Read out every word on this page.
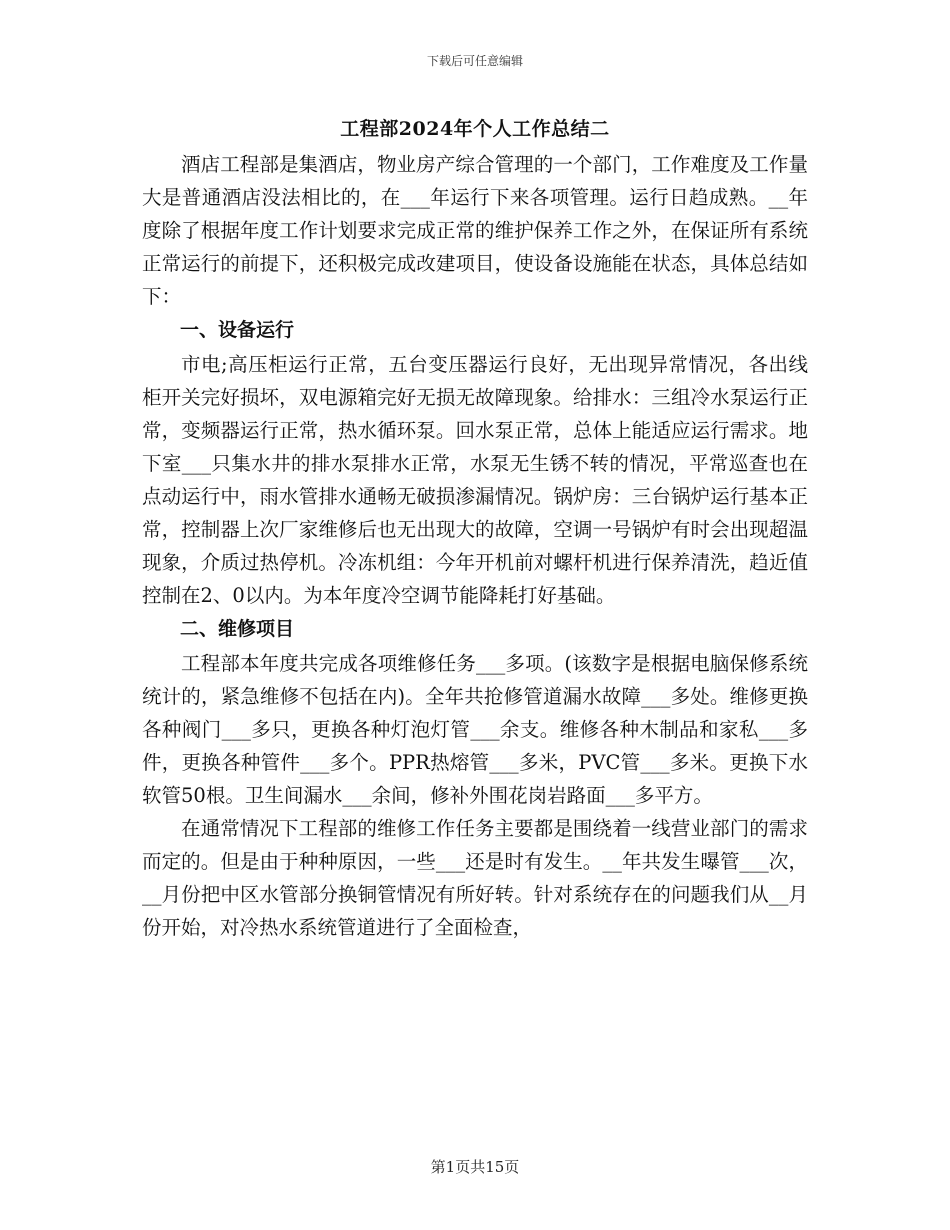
下载后可任意编辑
工程部2024年个人工作总结二

酒店工程部是集酒店，物业房产综合管理的一个部门，工作难度及工作量大是普通酒店没法相比的，在___年运行下来各项管理。运行日趋成熟。__年度除了根据年度工作计划要求完成正常的维护保养工作之外，在保证所有系统正常运行的前提下，还积极完成改建项目，使设备设施能在状态，具体总结如下：

一、设备运行

市电;高压柜运行正常，五台变压器运行良好，无出现异常情况，各出线柜开关完好损坏，双电源箱完好无损无故障现象。给排水：三组冷水泵运行正常，变频器运行正常，热水循环泵。回水泵正常，总体上能适应运行需求。地下室___只集水井的排水泵排水正常，水泵无生锈不转的情况，平常巡查也在点动运行中，雨水管排水通畅无破损渗漏情况。锅炉房：三台锅炉运行基本正常，控制器上次厂家维修后也无出现大的故障，空调一号锅炉有时会出现超温现象，介质过热停机。冷冻机组：今年开机前对螺杆机进行保养清洗，趋近值控制在2、0以内。为本年度冷空调节能降耗打好基础。

二、维修项目

工程部本年度共完成各项维修任务___多项。(该数字是根据电脑保修系统统计的，紧急维修不包括在内)。全年共抢修管道漏水故障___多处。维修更换各种阀门___多只，更换各种灯泡灯管___余支。维修各种木制品和家私___多件，更换各种管件___多个。PPR热熔管___多米，PVC管___多米。更换下水软管50根。卫生间漏水___余间，修补外围花岗岩路面___多平方。

在通常情况下工程部的维修工作任务主要都是围绕着一线营业部门的需求而定的。但是由于种种原因，一些___还是时有发生。__年共发生曝管___次，__月份把中区水管部分换铜管情况有所好转。针对系统存在的问题我们从__月份开始，对冷热水系统管道进行了全面检查，

第1页共15页
